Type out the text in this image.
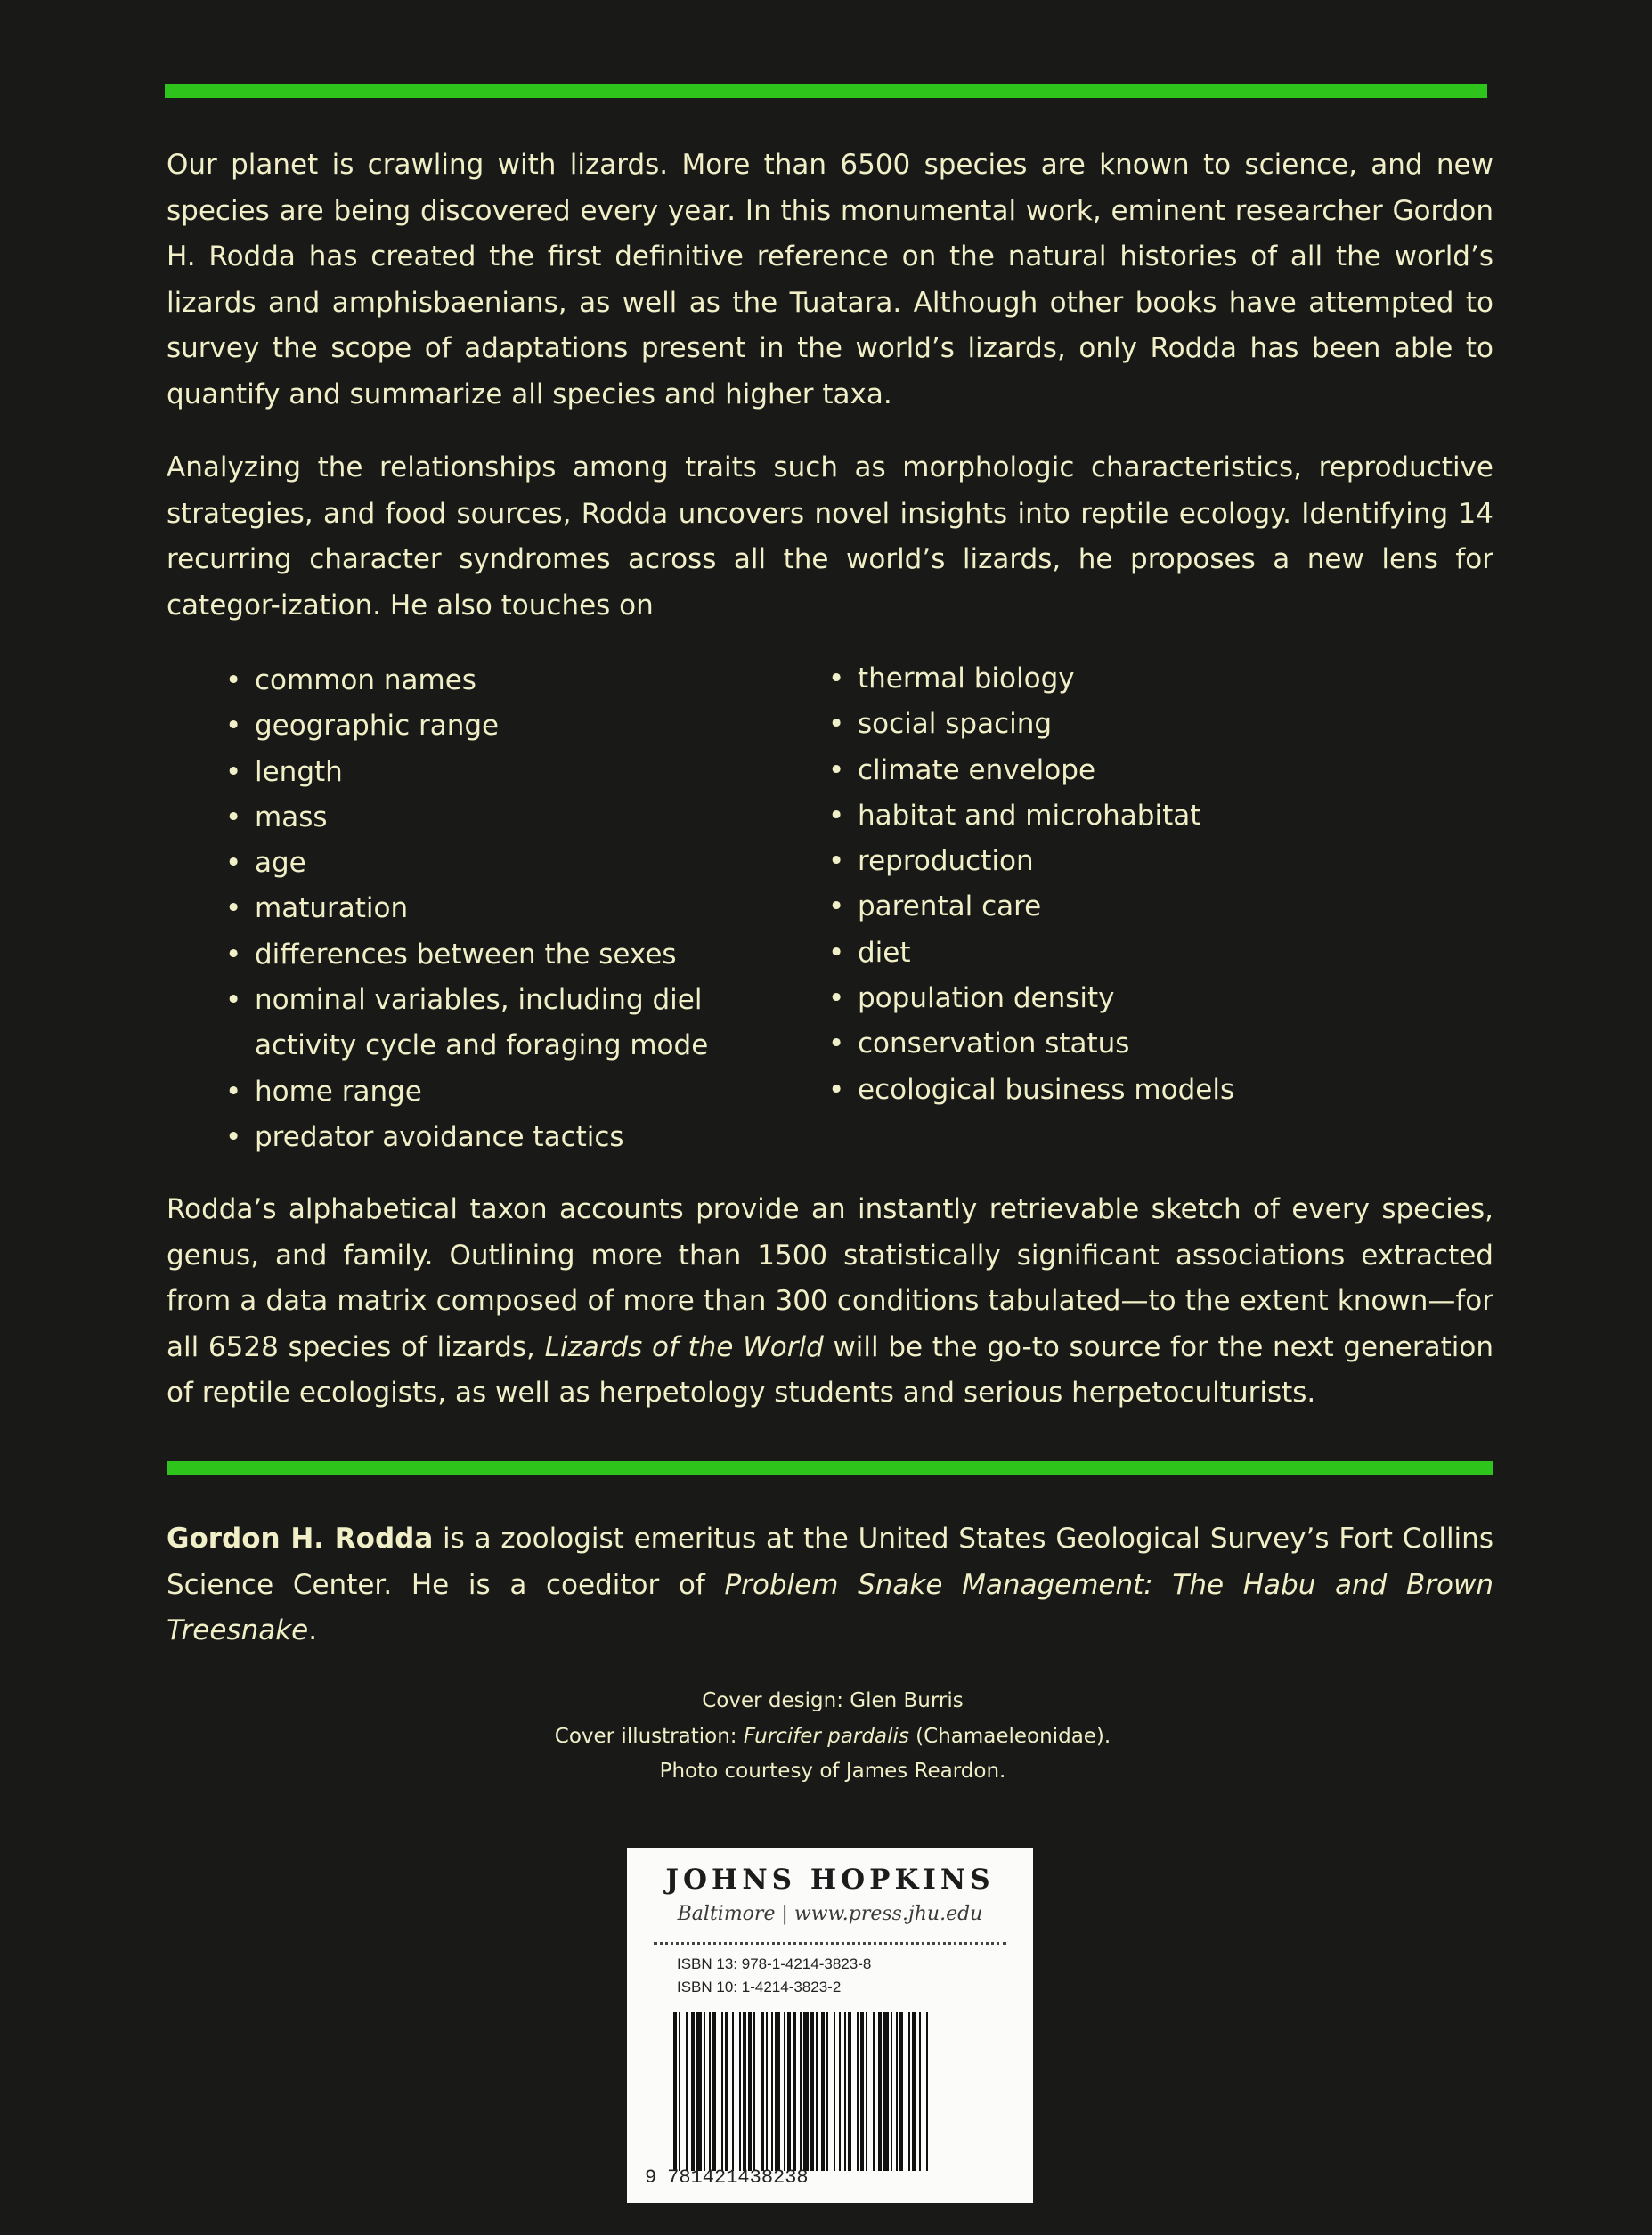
Our planet is crawling with lizards. More than 6500 species are known to science, and new species are being discovered every year. In this monumental work, eminent researcher Gordon H. Rodda has created the first definitive reference on the natural histories of all the world’s lizards and amphisbaenians, as well as the Tuatara. Although other books have attempted to survey the scope of adaptations present in the world’s lizards, only Rodda has been able to quantify and summarize all species and higher taxa.

Analyzing the relationships among traits such as morphologic characteristics, reproductive strategies, and food sources, Rodda uncovers novel insights into reptile ecology. Identifying 14 recurring character syndromes across all the world’s lizards, he proposes a new lens for categor-ization. He also touches on

• common names
• geographic range
• length
• mass
• age
• maturation
• differences between the sexes
• nominal variables, including diel activity cycle and foraging mode
• home range
• predator avoidance tactics
• thermal biology
• social spacing
• climate envelope
• habitat and microhabitat
• reproduction
• parental care
• diet
• population density
• conservation status
• ecological business models

Rodda’s alphabetical taxon accounts provide an instantly retrievable sketch of every species, genus, and family. Outlining more than 1500 statistically significant associations extracted from a data matrix composed of more than 300 conditions tabulated—to the extent known—for all 6528 species of lizards, Lizards of the World will be the go-to source for the next generation of reptile ecologists, as well as herpetology students and serious herpetoculturists.

Gordon H. Rodda is a zoologist emeritus at the United States Geological Survey’s Fort Collins Science Center. He is a coeditor of Problem Snake Management: The Habu and Brown Treesnake.

Cover design: Glen Burris
Cover illustration: Furcifer pardalis (Chamaeleonidae).
Photo courtesy of James Reardon.
JOHNS HOPKINS
Baltimore | www.press.jhu.edu
ISBN 13: 978-1-4214-3823-8
ISBN 10: 1-4214-3823-2
9 781421438238
